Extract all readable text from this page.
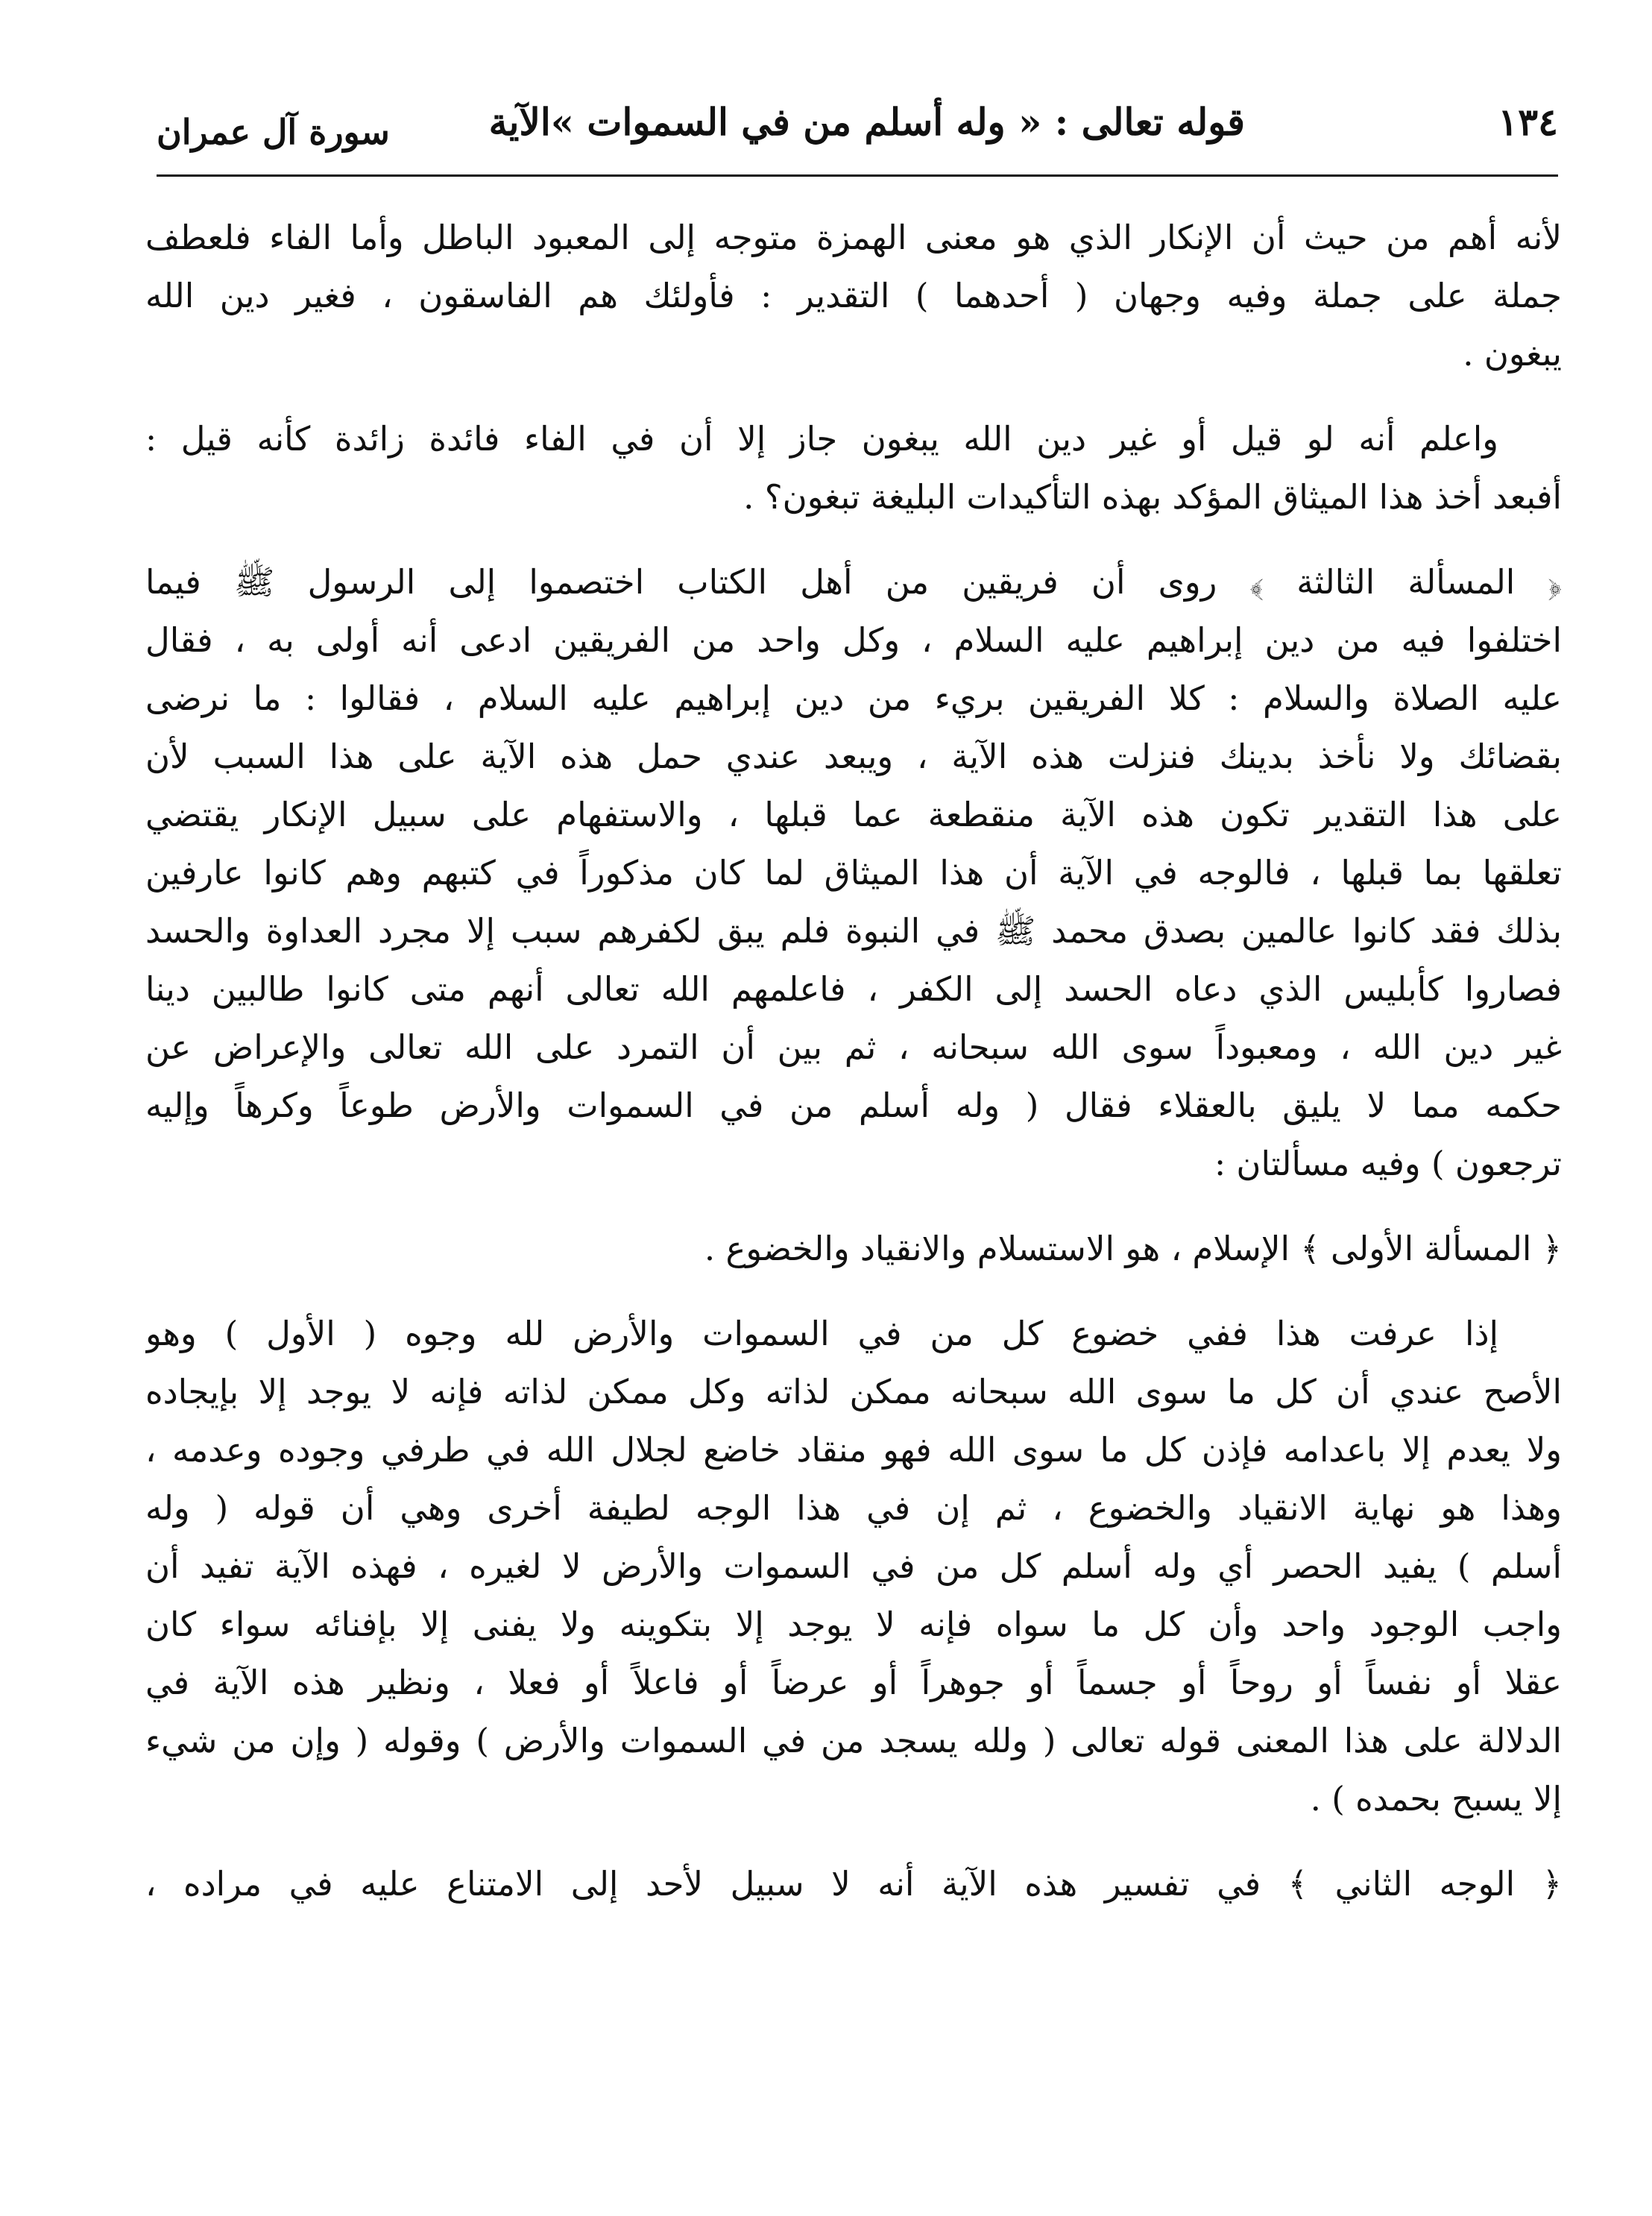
١٣٤
قوله تعالى : « وله أسلم من في السموات »الآية
سورة آل عمران
لأنه أهم من حيث أن الإنكار الذي هو معنى الهمزة متوجه إلى المعبود الباطل وأما الفاء فلعطف
جملة على جملة وفيه وجهان ( أحدهما ) التقدير : فأولئك هم الفاسقون ، فغير دين الله
يبغون .
واعلم أنه لو قيل أو غير دين الله يبغون جاز إلا أن في الفاء فائدة زائدة كأنه قيل :
أفبعد أخذ هذا الميثاق المؤكد بهذه التأكيدات البليغة تبغون؟ .
﴿ المسألة الثالثة ﴾ روى أن فريقين من أهل الكتاب اختصموا إلى الرسول ﷺ فيما
اختلفوا فيه من دين إبراهيم عليه السلام ، وكل واحد من الفريقين ادعى أنه أولى به ، فقال
عليه الصلاة والسلام : كلا الفريقين بريء من دين إبراهيم عليه السلام ، فقالوا : ما نرضى
بقضائك ولا نأخذ بدينك فنزلت هذه الآية ، ويبعد عندي حمل هذه الآية على هذا السبب لأن
على هذا التقدير تكون هذه الآية منقطعة عما قبلها ، والاستفهام على سبيل الإنكار يقتضي
تعلقها بما قبلها ، فالوجه في الآية أن هذا الميثاق لما كان مذكوراً في كتبهم وهم كانوا عارفين
بذلك فقد كانوا عالمين بصدق محمد ﷺ في النبوة فلم يبق لكفرهم سبب إلا مجرد العداوة والحسد
فصاروا كأبليس الذي دعاه الحسد إلى الكفر ، فاعلمهم الله تعالى أنهم متى كانوا طالبين دينا
غير دين الله ، ومعبوداً سوى الله سبحانه ، ثم بين أن التمرد على الله تعالى والإعراض عن
حكمه مما لا يليق بالعقلاء فقال ( وله أسلم من في السموات والأرض طوعاً وكرهاً وإليه
ترجعون ) وفيه مسألتان :
﴿ المسألة الأولى ﴾ الإسلام ، هو الاستسلام والانقياد والخضوع .
إذا عرفت هذا ففي خضوع كل من في السموات والأرض لله وجوه ( الأول ) وهو
الأصح عندي أن كل ما سوى الله سبحانه ممكن لذاته وكل ممكن لذاته فإنه لا يوجد إلا بإيجاده
ولا يعدم إلا باعدامه فإذن كل ما سوى الله فهو منقاد خاضع لجلال الله في طرفي وجوده وعدمه ،
وهذا هو نهاية الانقياد والخضوع ، ثم إن في هذا الوجه لطيفة أخرى وهي أن قوله ( وله
أسلم ) يفيد الحصر أي وله أسلم كل من في السموات والأرض لا لغيره ، فهذه الآية تفيد أن
واجب الوجود واحد وأن كل ما سواه فإنه لا يوجد إلا بتكوينه ولا يفنى إلا بإفنائه سواء كان
عقلا أو نفساً أو روحاً أو جسماً أو جوهراً أو عرضاً أو فاعلاً أو فعلا ، ونظير هذه الآية في
الدلالة على هذا المعنى قوله تعالى ( ولله يسجد من في السموات والأرض ) وقوله ( وإن من شيء
إلا يسبح بحمده ) .
﴿ الوجه الثاني ﴾ في تفسير هذه الآية أنه لا سبيل لأحد إلى الامتناع عليه في مراده ،
